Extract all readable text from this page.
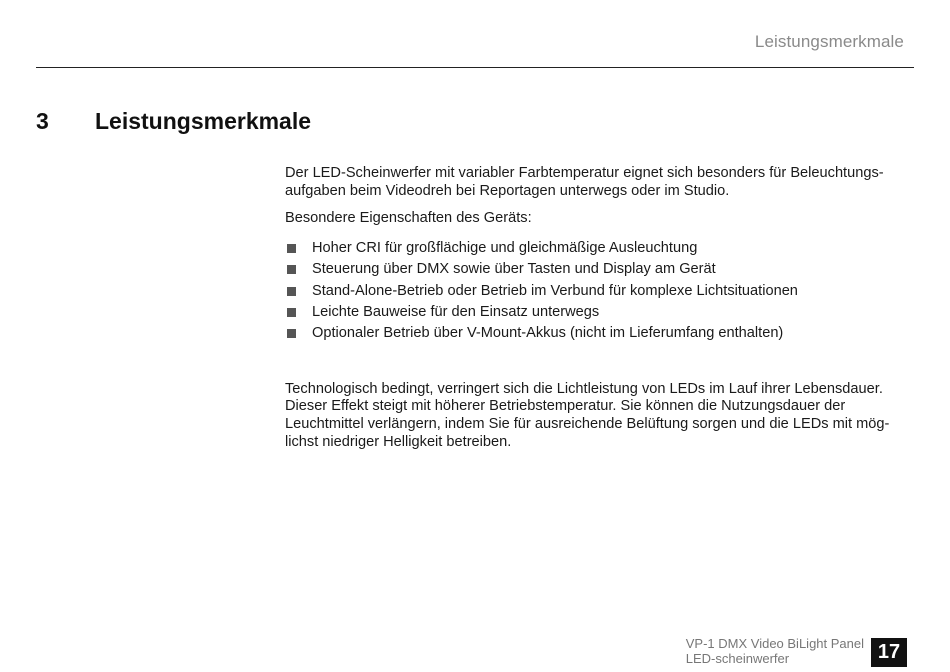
Leistungsmerkmale
3	Leistungsmerkmale

Der LED-Scheinwerfer mit variabler Farbtemperatur eignet sich besonders für Beleuchtungs-
aufgaben beim Videodreh bei Reportagen unterwegs oder im Studio.

Besondere Eigenschaften des Geräts:

Hoher CRI für großflächige und gleichmäßige Ausleuchtung
Steuerung über DMX sowie über Tasten und Display am Gerät
Stand-Alone-Betrieb oder Betrieb im Verbund für komplexe Lichtsituationen
Leichte Bauweise für den Einsatz unterwegs
Optionaler Betrieb über V-Mount-Akkus (nicht im Lieferumfang enthalten)

Technologisch bedingt, verringert sich die Lichtleistung von LEDs im Lauf ihrer Lebensdauer.
Dieser Effekt steigt mit höherer Betriebstemperatur. Sie können die Nutzungsdauer der
Leuchtmittel verlängern, indem Sie für ausreichende Belüftung sorgen und die LEDs mit mög-
lichst niedriger Helligkeit betreiben.

VP-1 DMX Video BiLight Panel
LED-scheinwerfer	17
